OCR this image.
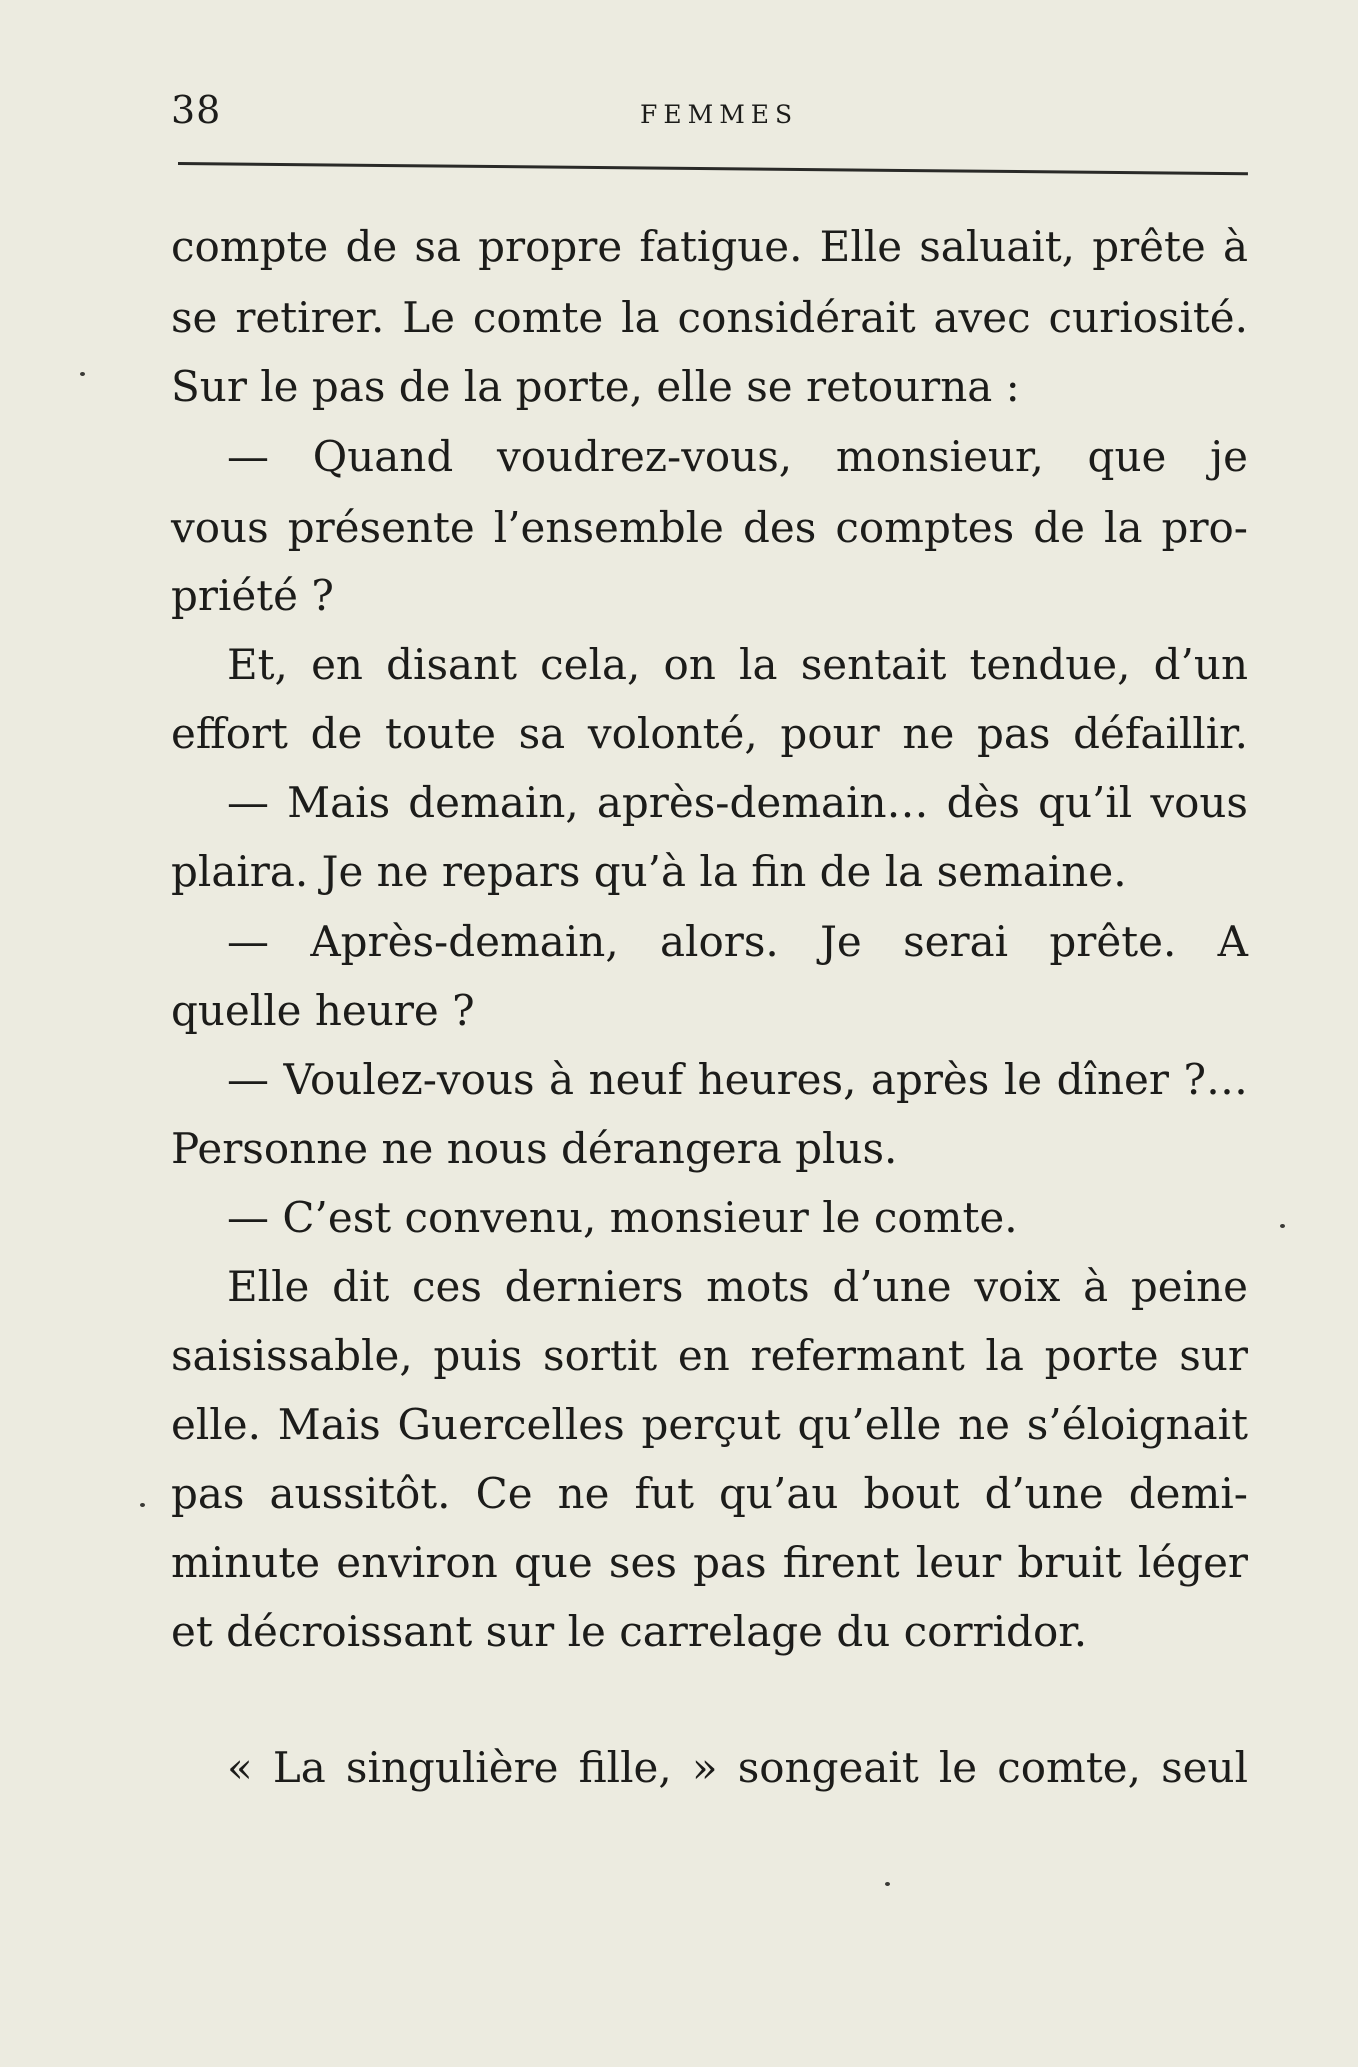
38	FEMMES
compte de sa propre fatigue. Elle saluait, prête à
se retirer. Le comte la considérait avec curiosité.
Sur le pas de la porte, elle se retourna :
— Quand voudrez-vous, monsieur, que je
vous présente l’ensemble des comptes de la pro-
priété ?
Et, en disant cela, on la sentait tendue, d’un
effort de toute sa volonté, pour ne pas défaillir.
— Mais demain, après-demain… dès qu’il vous
plaira. Je ne repars qu’à la fin de la semaine.
— Après-demain, alors. Je serai prête. A
quelle heure ?
— Voulez-vous à neuf heures, après le dîner ?…
Personne ne nous dérangera plus.
— C’est convenu, monsieur le comte.
Elle dit ces derniers mots d’une voix à peine
saisissable, puis sortit en refermant la porte sur
elle. Mais Guercelles perçut qu’elle ne s’éloignait
pas aussitôt. Ce ne fut qu’au bout d’une demi-
minute environ que ses pas firent leur bruit léger
et décroissant sur le carrelage du corridor.
« La singulière fille, » songeait le comte, seul
